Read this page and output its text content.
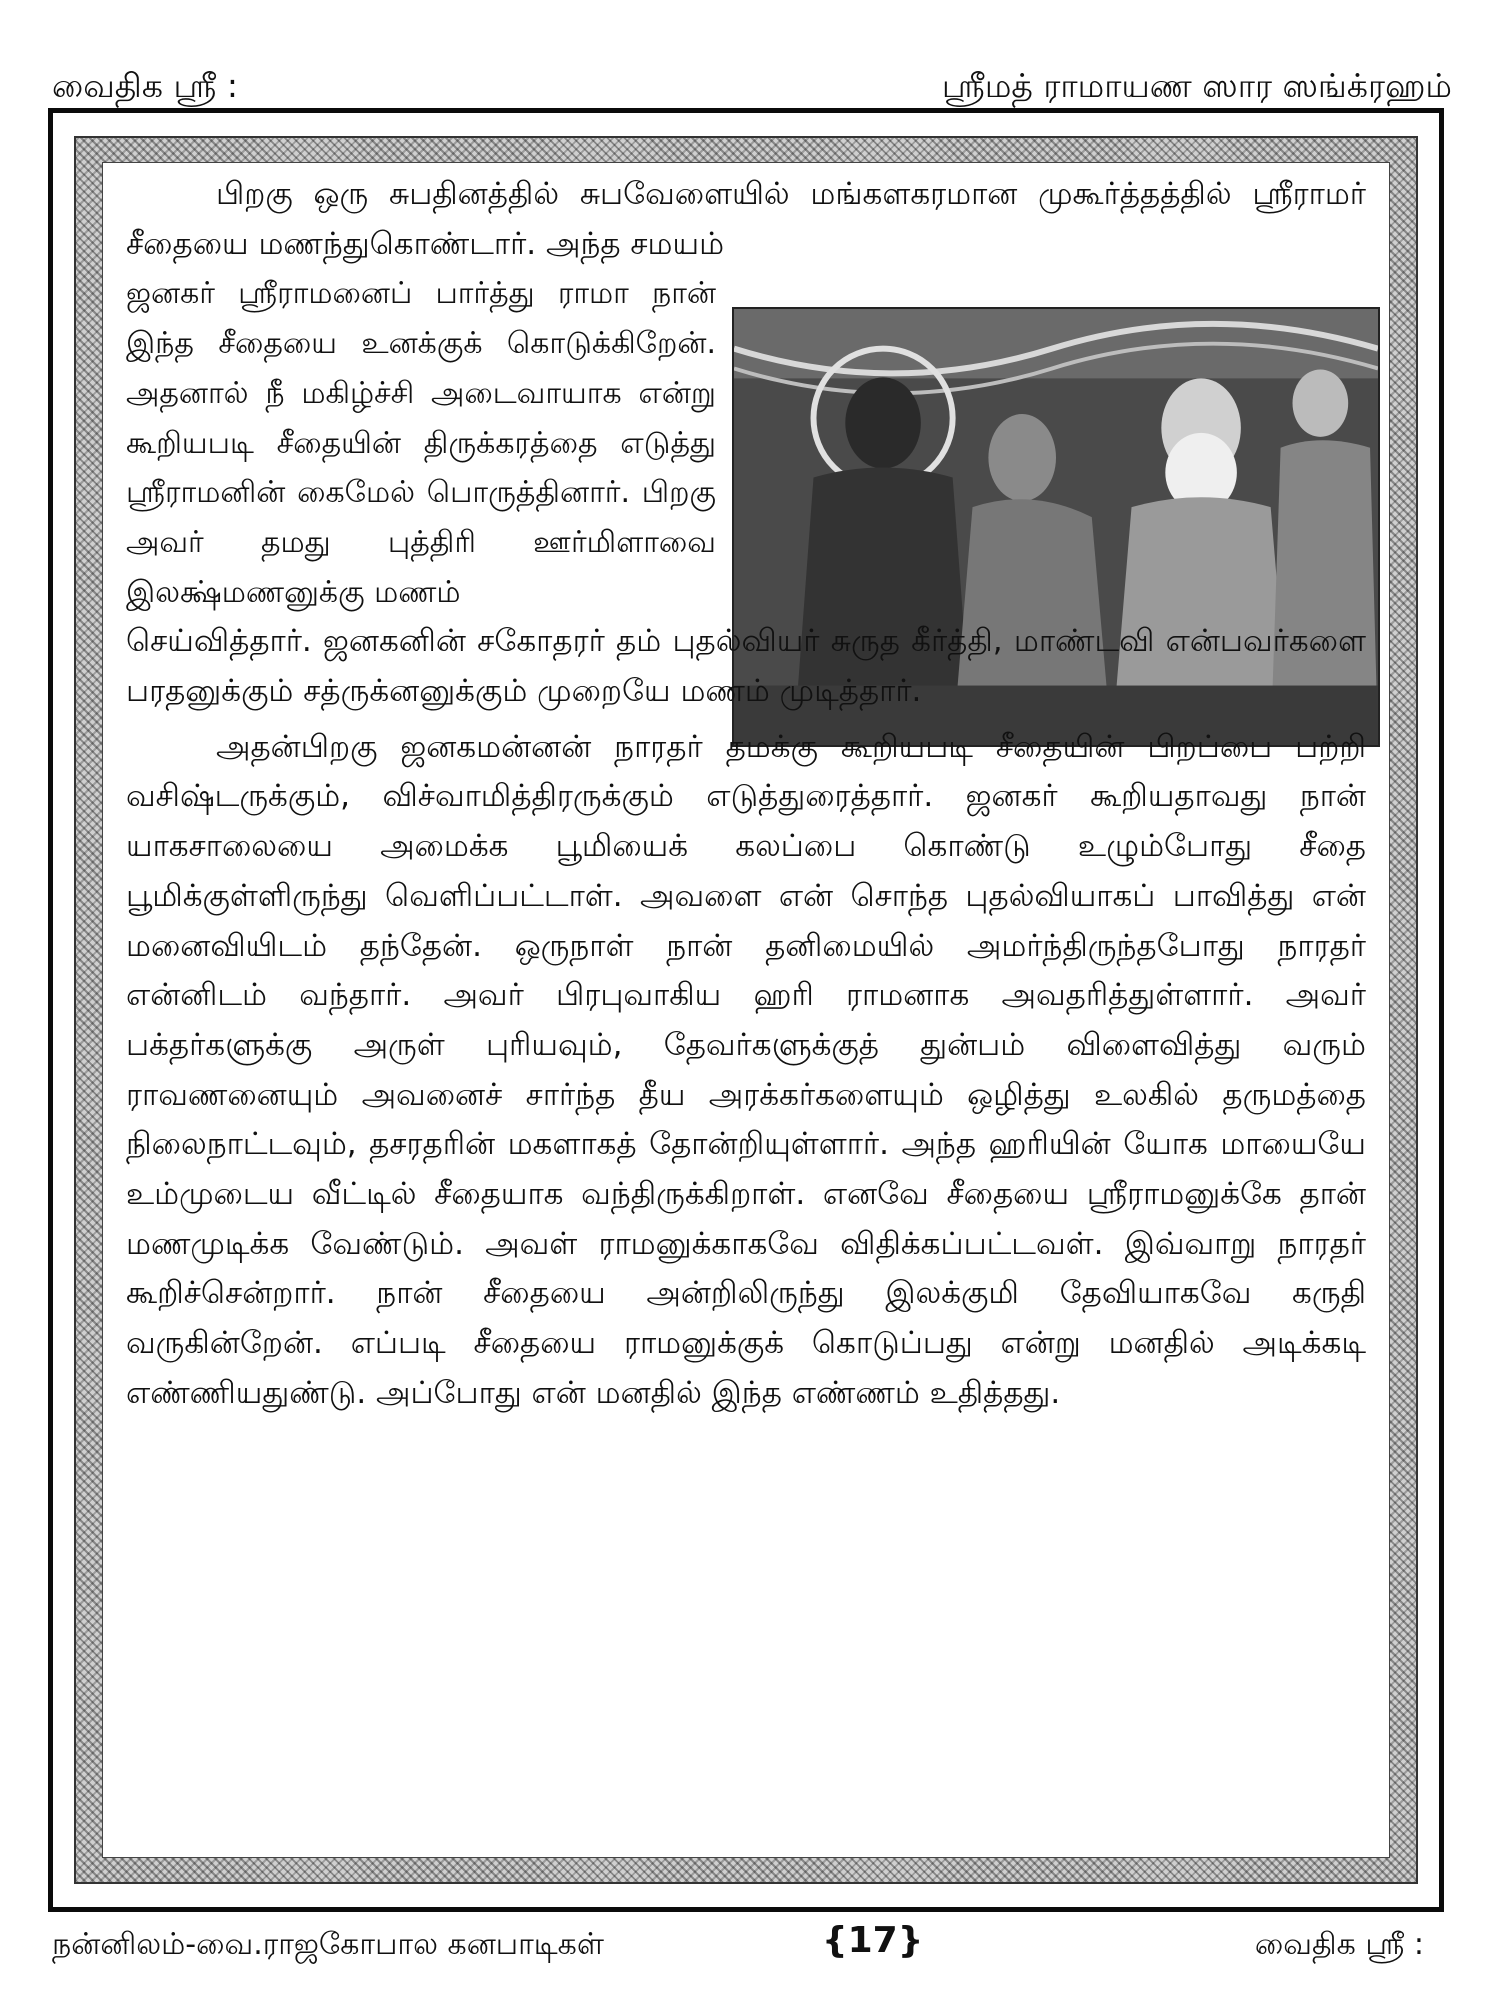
வைதிக ஸ்ரீ :	ஸ்ரீமத் ராமாயண ஸார ஸங்க்ரஹம்

பிறகு ஒரு சுபதினத்தில் சுபவேளையில் மங்களகரமான முகூர்த்தத்தில் ஸ்ரீராமர் சீதையை மணந்துகொண்டார். அந்த சமயம்

ஜனகர் ஸ்ரீராமனைப் பார்த்து ராமா நான் இந்த சீதையை உனக்குக் கொடுக்கிறேன். அதனால் நீ மகிழ்ச்சி அடைவாயாக என்று கூறியபடி சீதையின் திருக்கரத்தை எடுத்து ஸ்ரீராமனின் கைமேல் பொருத்தினார். பிறகு அவர் தமது புத்திரி ஊர்மிளாவை இலக்ஷ்மணனுக்கு மணம்

செய்வித்தார். ஜனகனின் சகோதரர் தம் புதல்வியர் சுருத கீர்த்தி, மாண்டவி என்பவர்களை பரதனுக்கும் சத்ருக்னனுக்கும் முறையே மணம் முடித்தார்.

அதன்பிறகு ஜனகமன்னன் நாரதர் தமக்கு கூறியபடி சீதையின் பிறப்பை பற்றி வசிஷ்டருக்கும், விச்வாமித்திரருக்கும் எடுத்துரைத்தார். ஜனகர் கூறியதாவது நான் யாகசாலையை அமைக்க பூமியைக் கலப்பை கொண்டு உழும்போது சீதை பூமிக்குள்ளிருந்து வெளிப்பட்டாள். அவளை என் சொந்த புதல்வியாகப் பாவித்து என் மனைவியிடம் தந்தேன். ஒருநாள் நான் தனிமையில் அமர்ந்திருந்தபோது நாரதர் என்னிடம் வந்தார். அவர் பிரபுவாகிய ஹரி ராமனாக அவதரித்துள்ளார். அவர் பக்தர்களுக்கு அருள் புரியவும், தேவர்களுக்குத் துன்பம் விளைவித்து வரும் ராவணனையும் அவனைச் சார்ந்த தீய அரக்கர்களையும் ஒழித்து உலகில் தருமத்தை நிலைநாட்டவும், தசரதரின் மகளாகத் தோன்றியுள்ளார். அந்த ஹரியின் யோக மாயையே உம்முடைய வீட்டில் சீதையாக வந்திருக்கிறாள். எனவே சீதையை ஸ்ரீராமனுக்கே தான் மணமுடிக்க வேண்டும். அவள் ராமனுக்காகவே விதிக்கப்பட்டவள். இவ்வாறு நாரதர் கூறிச்சென்றார். நான் சீதையை அன்றிலிருந்து இலக்குமி தேவியாகவே கருதி வருகின்றேன். எப்படி சீதையை ராமனுக்குக் கொடுப்பது என்று மனதில் அடிக்கடி எண்ணியதுண்டு. அப்போது என் மனதில் இந்த எண்ணம் உதித்தது.

நன்னிலம்-வை.ராஜகோபால கனபாடிகள்	{17}	வைதிக ஸ்ரீ :
